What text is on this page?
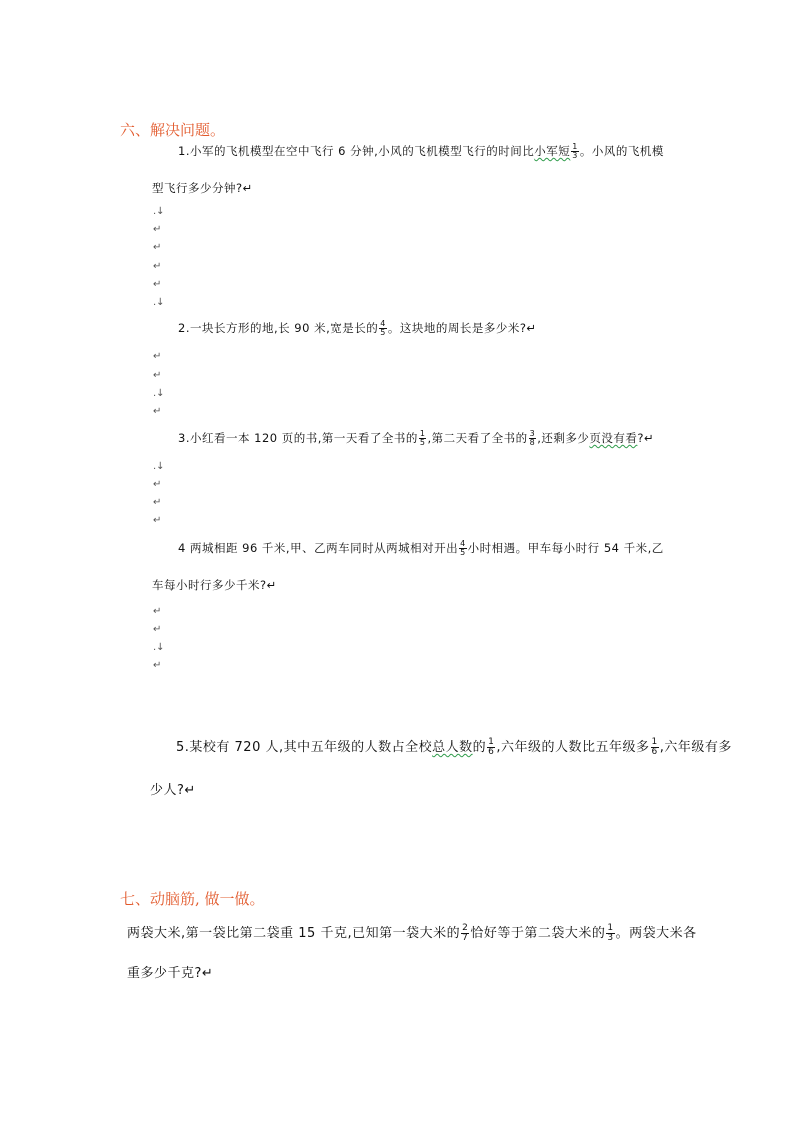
六、解决问题。
1.小军的飞机模型在空中飞行 6 分钟,小风的飞机模型飞行的时间比小军短 $\frac{1}{3}$ 。小风的飞机模
型飞行多少分钟?↵
.↓
↵
↵
↵
↵
.↓
2.一块长方形的地,长 90 米,宽是长的 $\frac{4}{5}$ 。这块地的周长是多少米?↵
↵
↵
.↓
↵
3.小红看一本 120 页的书,第一天看了全书的 $\frac{1}{5}$ ,第二天看了全书的 $\frac{3}{8}$ ,还剩多少页没有看?↵
.↓
↵
↵
↵
4 两城相距 96 千米,甲、乙两车同时从两城相对开出 $\frac{4}{5}$ 小时相遇。甲车每小时行 54 千米,乙
车每小时行多少千米?↵
↵
↵
.↓
↵
5.某校有 720 人,其中五年级的人数占全校总人数的 $\frac{1}{6}$ ,六年级的人数比五年级多 $\frac{1}{6}$ ,六年级有多
少人?↵
七、动脑筋, 做一做。
两袋大米,第一袋比第二袋重 15 千克,已知第一袋大米的 $\frac{2}{7}$ 恰好等于第二袋大米的 $\frac{1}{3}$ 。两袋大米各
重多少千克?↵
